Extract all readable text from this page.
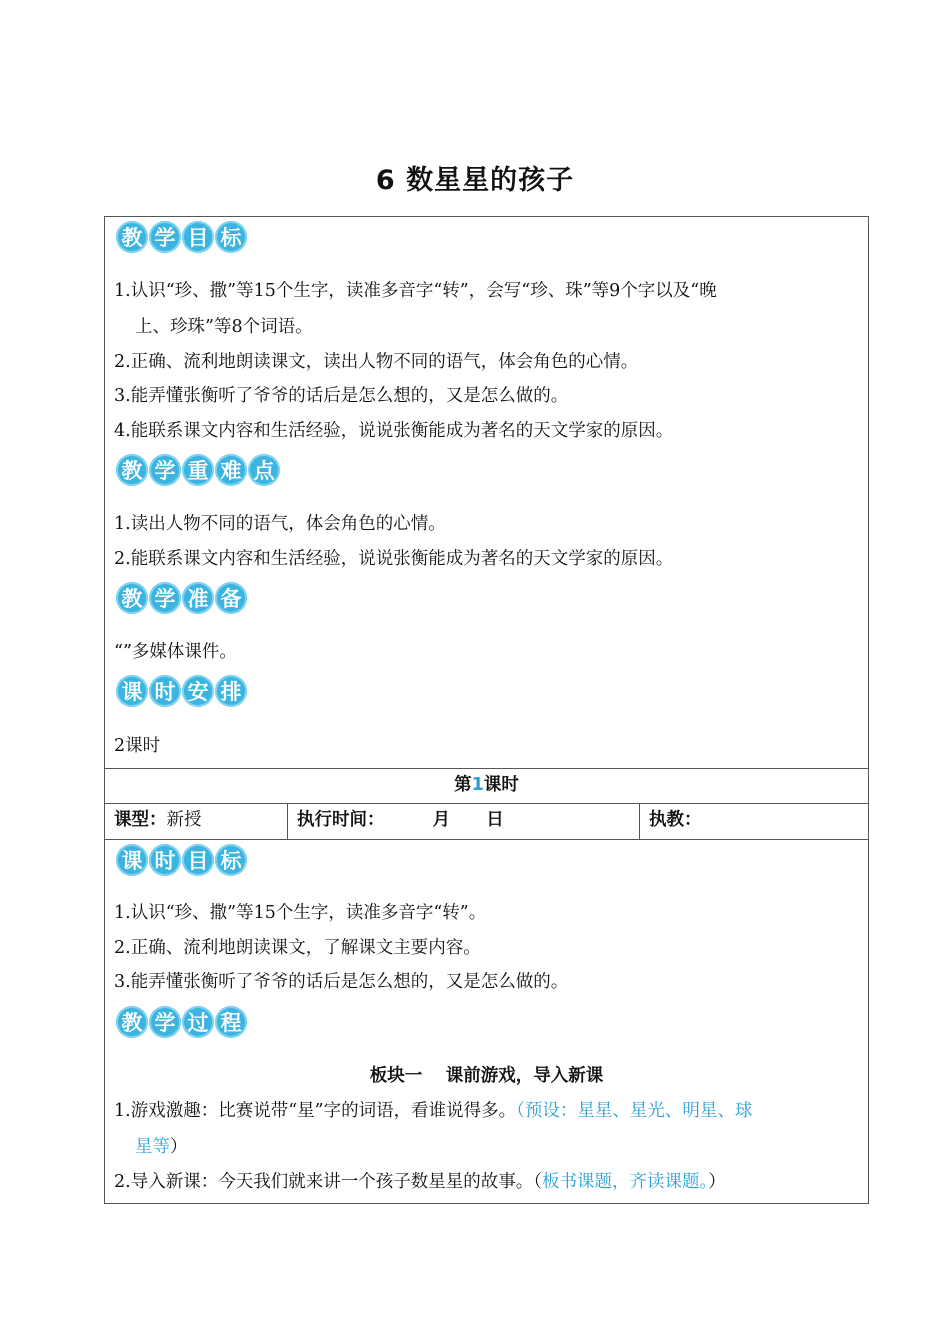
6 数星星的孩子
教 学 目 标
1.认识“珍、撒”等15个生字，读准多音字“转”，会写“珍、珠”等9个字以及“晚
上、珍珠”等8个词语。
2.正确、流利地朗读课文，读出人物不同的语气，体会角色的心情。
3.能弄懂张衡听了爷爷的话后是怎么想的，又是怎么做的。
4.能联系课文内容和生活经验，说说张衡能成为著名的天文学家的原因。
教 学 重 难 点
1.读出人物不同的语气，体会角色的心情。
2.能联系课文内容和生活经验，说说张衡能成为著名的天文学家的原因。
教 学 准 备
“”多媒体课件。
课 时 安 排
2课时
第1课时
课型：新授	执行时间：	月 日	执教：
课 时 目 标
1.认识“珍、撒”等15个生字，读准多音字“转”。
2.正确、流利地朗读课文，了解课文主要内容。
3.能弄懂张衡听了爷爷的话后是怎么想的，又是怎么做的。
教 学 过 程
板块一　 课前游戏，导入新课
1.游戏激趣：比赛说带“星”字的词语，看谁说得多。（预设：星星、星光、明星、球
星等）
2.导入新课：今天我们就来讲一个孩子数星星的故事。（板书课题，齐读课题。）
